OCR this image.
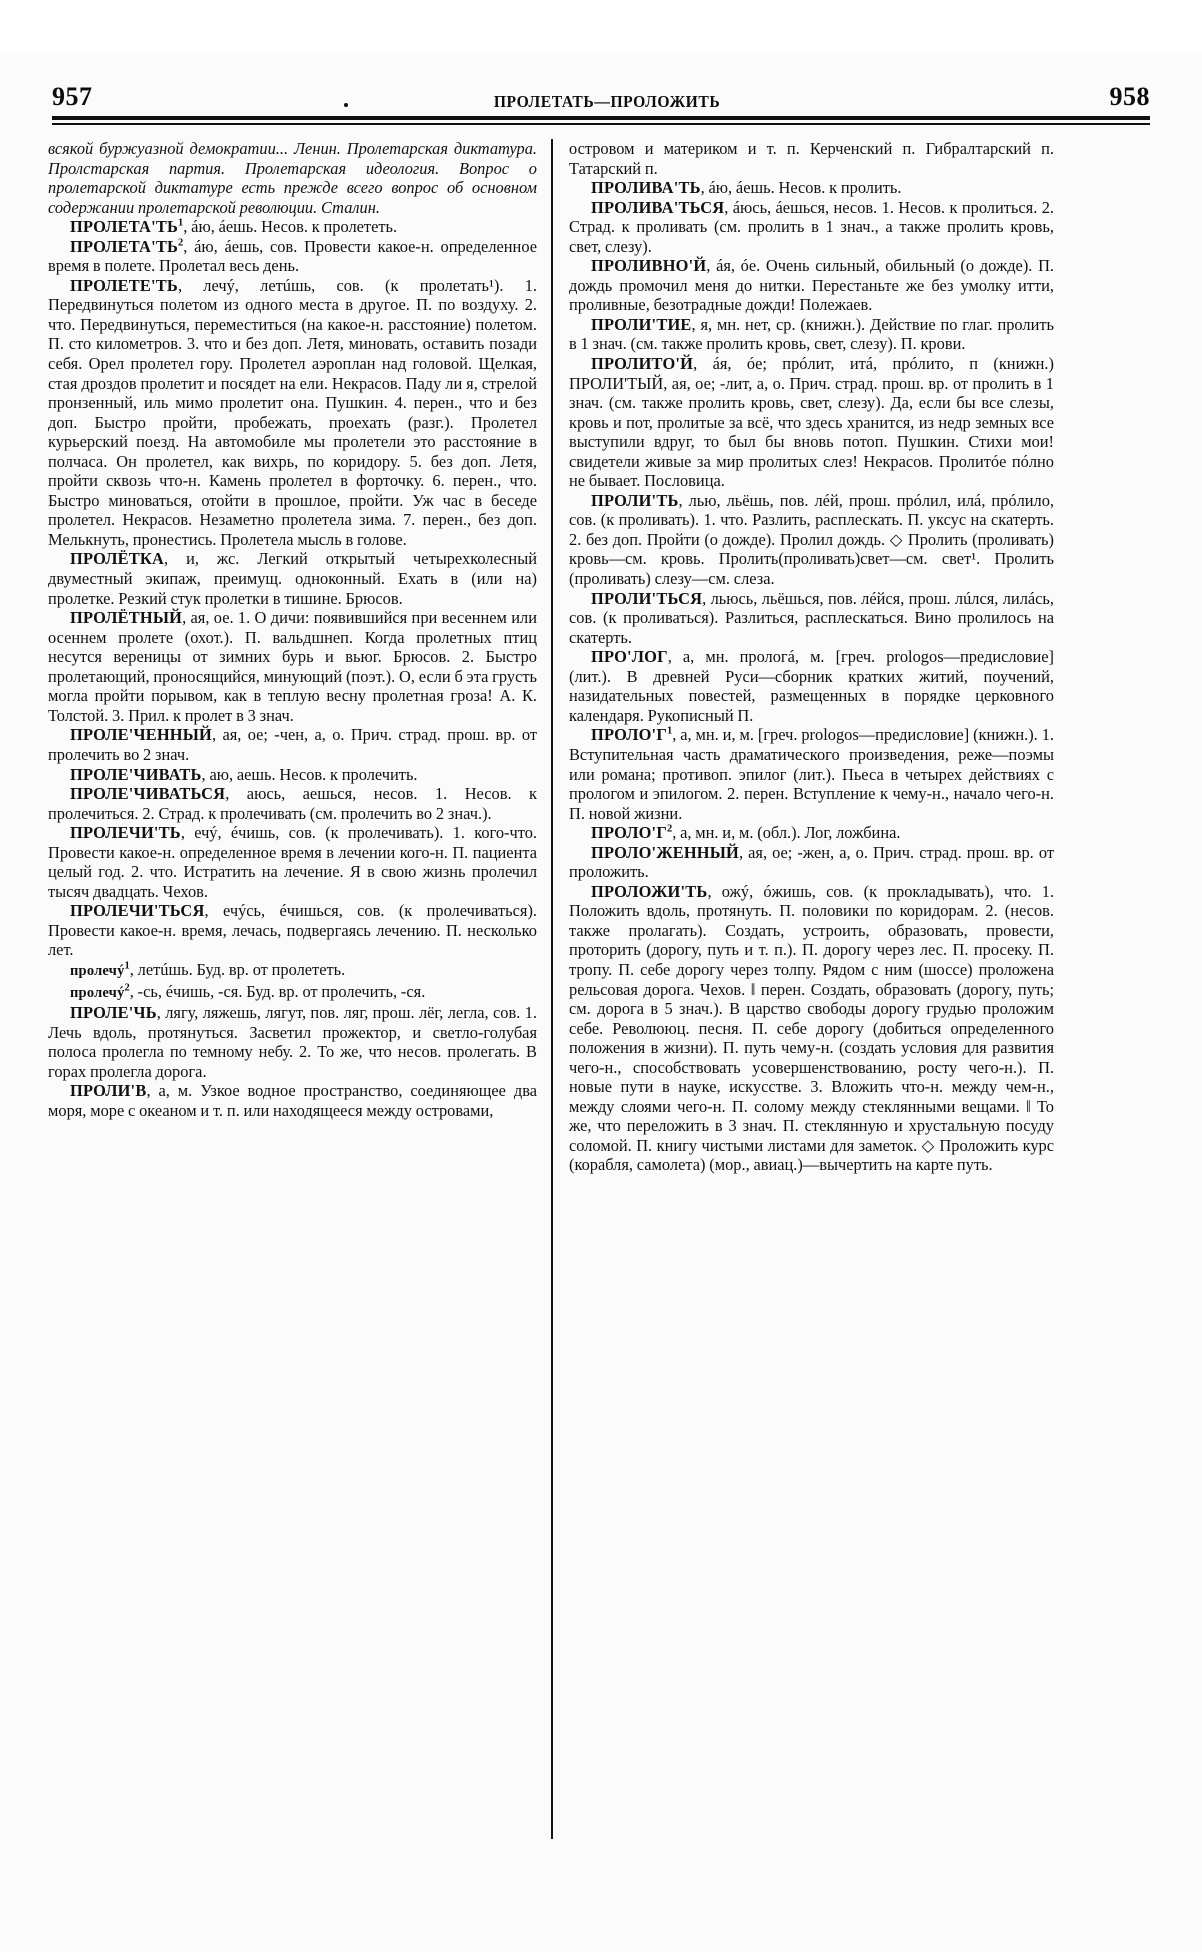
957	ПРОЛЕТАТЬ—ПРОЛОЖИТЬ	958

всякой буржуазной демократии... Ленин. Пролетарская диктатура. Пролстарская партия. Пролетарская идеология. Вопрос о пролетарской диктатуре есть прежде всего вопрос об основном содержании пролетарской революции. Сталин.

$ПРОЛЕТА'ТЬ^1$, áю, áешь. Несов. к пролететь.

$ПРОЛЕТА'ТЬ^2$, áю, áешь, сов. Провести какое-н. определенное время в полете. Пролетал весь день.

ПРОЛЕТЕ'ТЬ, лечý, летúшь, сов. (к пролетать¹). 1. Передвинуться полетом из одного места в другое. П. по воздуху. 2. что. Передвинуться, переместиться (на какое-н. расстояние) полетом. П. сто километров. 3. что и без доп. Летя, миновать, оставить позади себя. Орел пролетел гору. Пролетел аэроплан над головой. Щелкая, стая дроздов пролетит и посядет на ели. Некрасов. Паду ли я, стрелой пронзенный, иль мимо пролетит она. Пушкин. 4. перен., что и без доп. Быстро пройти, пробежать, проехать (разг.). Пролетел курьерский поезд. На автомобиле мы пролетели это расстояние в полчаса. Он пролетел, как вихрь, по коридору. 5. без доп. Летя, пройти сквозь что-н. Камень пролетел в форточку. 6. перен., что. Быстро миноваться, отойти в прошлое, пройти. Уж час в беседе пролетел. Некрасов. Незаметно пролетела зима. 7. перен., без доп. Мелькнуть, пронестись. Пролетела мысль в голове.

ПРОЛЁТКА, и, жс. Легкий открытый четырехколесный двуместный экипаж, преимущ. одноконный. Ехать в (или на) пролетке. Резкий стук пролетки в тишине. Брюсов.

ПРОЛЁТНЫЙ, ая, ое. 1. О дичи: появившийся при весеннем или осеннем пролете (охот.). П. вальдшнеп. Когда пролетных птиц несутся вереницы от зимних бурь и вьюг. Брюсов. 2. Быстро пролетающий, проносящийся, минующий (поэт.). О, если б эта грусть могла пройти порывом, как в теплую весну пролетная гроза! А. К. Толстой. 3. Прил. к пролет в 3 знач.

ПРОЛЕ'ЧЕННЫЙ, ая, ое; -чен, а, о. Прич. страд. прош. вр. от пролечить во 2 знач.

ПРОЛЕ'ЧИВАТЬ, аю, аешь. Несов. к пролечить.

ПРОЛЕ'ЧИВАТЬСЯ, аюсь, аешься, несов. 1. Несов. к пролечиться. 2. Страд. к пролечивать (см. пролечить во 2 знач.).

ПРОЛЕЧИ'ТЬ, ечý, éчишь, сов. (к пролечивать). 1. кого-что. Провести какое-н. определенное время в лечении кого-н. П. пациента целый год. 2. что. Истратить на лечение. Я в свою жизнь пролечил тысяч двадцать. Чехов.

ПРОЛЕЧИ'ТЬСЯ, ечýсь, éчишься, сов. (к пролечиваться). Провести какое-н. время, лечась, подвергаясь лечению. П. несколько лет.

пролечý$^1$, летúшь. Буд. вр. от пролететь.

пролечý$^2$, -сь, éчишь, -ся. Буд. вр. от пролечить, -ся.

ПРОЛЕ'ЧЬ, лягу, ляжешь, лягут, пов. ляг, прош. лёг, легла, сов. 1. Лечь вдоль, протянуться. Засветил прожектор, и светло-голубая полоса пролегла по темному небу. 2. То же, что несов. пролегать. В горах пролегла дорога.

ПРОЛИ'В, а, м. Узкое водное пространство, соединяющее два моря, море с океаном и т. п. или находящееся между островами,

островом и материком и т. п. Керченский п. Гибралтарский п. Татарский п.

ПРОЛИВА'ТЬ, áю, áешь. Несов. к пролить.

ПРОЛИВА'ТЬСЯ, áюсь, áешься, несов. 1. Несов. к пролиться. 2. Страд. к проливать (см. пролить в 1 знач., а также пролить кровь, свет, слезу).

ПРОЛИВНО'Й, áя, óе. Очень сильный, обильный (о дожде). П. дождь промочил меня до нитки. Перестаньте же без умолку итти, проливные, безотрадные дожди! Полежаев.

ПРОЛИ'ТИЕ, я, мн. нет, ср. (книжн.). Действие по глаг. пролить в 1 знач. (см. также пролить кровь, свет, слезу). П. крови.

ПРОЛИТО'Й, áя, óе; прóлит, итá, прóлито, п (книжн.) ПРОЛИ'ТЫЙ, ая, ое; -лит, а, о. Прич. страд. прош. вр. от пролить в 1 знач. (см. также пролить кровь, свет, слезу). Да, если бы все слезы, кровь и пот, пролитые за всё, что здесь хранится, из недр земных все выступили вдруг, то был бы вновь потоп. Пушкин. Стихи мои! свидетели живые за мир пролитых слез! Некрасов. Пролитóе пóлно не бывает. Пословица.

ПРОЛИ'ТЬ, лью, льёшь, пов. лéй, прош. прóлил, илá, прóлило, сов. (к проливать). 1. что. Разлить, расплескать. П. уксус на скатерть. 2. без доп. Пройти (о дожде). Пролил дождь. ◇ Пролить (проливать) кровь—см. кровь. Пролить(проливать)свет—см. свет¹. Пролить (проливать) слезу—см. слеза.

ПРОЛИ'ТЬСЯ, льюсь, льёшься, пов. лéйся, прош. лúлся, лилáсь, сов. (к проливаться). Разлиться, расплескаться. Вино пролилось на скатерть.

ПРО'ЛОГ, а, мн. прологá, м. [греч. prologos—предисловие] (лит.). В древней Руси—сборник кратких житий, поучений, назидательных повестей, размещенных в порядке церковного календаря. Рукописный П.

$ПРОЛО'Г^1$, а, мн. и, м. [греч. prologos—предисловие] (книжн.). 1. Вступительная часть драматического произведения, реже—поэмы или романа; противоп. эпилог (лит.). Пьеса в четырех действиях с прологом и эпилогом. 2. перен. Вступление к чему-н., начало чего-н. П. новой жизни.

$ПРОЛО'Г^2$, а, мн. и, м. (обл.). Лог, ложбина.

ПРОЛО'ЖЕННЫЙ, ая, ое; -жен, а, о. Прич. страд. прош. вр. от проложить.

ПРОЛОЖИ'ТЬ, ожý, óжишь, сов. (к прокладывать), что. 1. Положить вдоль, протянуть. П. половики по коридорам. 2. (несов. также пролагать). Создать, устроить, образовать, провести, проторить (дорогу, путь и т. п.). П. дорогу через лес. П. просеку. П. тропу. П. себе дорогу через толпу. Рядом с ним (шоссе) проложена рельсовая дорога. Чехов. ‖ перен. Создать, образовать (дорогу, путь; см. дорога в 5 знач.). В царство свободы дорогу грудью проложим себе. Револююц. песня. П. себе дорогу (добиться определенного положения в жизни). П. путь чему-н. (создать условия для развития чего-н., способствовать усовершенствованию, росту чего-н.). П. новые пути в науке, искусстве. 3. Вложить что-н. между чем-н., между слоями чего-н. П. солому между стеклянными вещами. ‖ То же, что переложить в 3 знач. П. стеклянную и хрустальную посуду соломой. П. книгу чистыми листами для заметок. ◇ Проложить курс (корабля, самолета) (мор., авиац.)—вычертить на карте путь.
